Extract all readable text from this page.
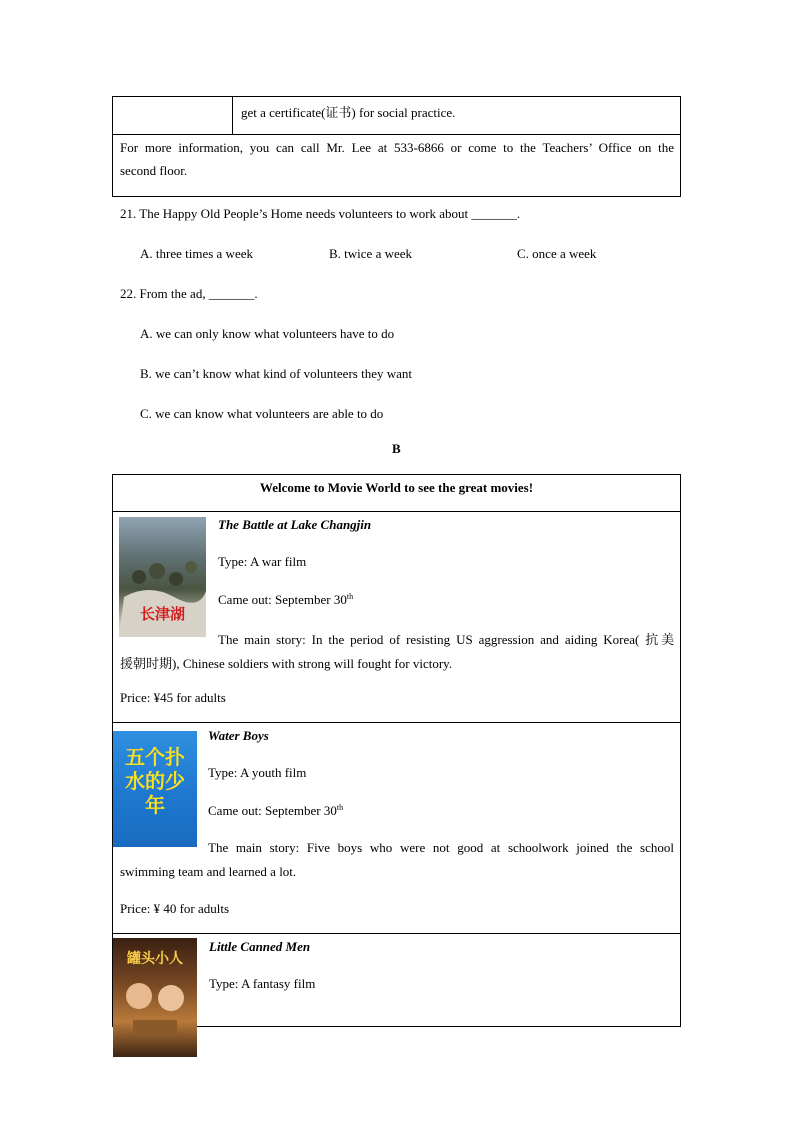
get a certificate(证书) for social practice.
For more information, you can call Mr. Lee at 533-6866 or come to the Teachers’ Office on the
second floor.
21. The Happy Old People’s Home needs volunteers to work about _______.
A. three times a week	B. twice a week	C. once a week
22. From the ad, _______.
A. we can only know what volunteers have to do
B. we can’t know what kind of volunteers they want
C. we can know what volunteers are able to do
B
Welcome to Movie World to see the great movies!
长津湖
The Battle at Lake Changjin
Type: A war film
Came out: September 30th
The main story: In the period of resisting US aggression and aiding Korea( 抗美
援朝时期), Chinese soldiers with strong will fought for victory.
Price: ¥45 for adults
五个扑水的少年
Water Boys
Type: A youth film
Came out: September 30th
The main story: Five boys who were not good at schoolwork joined the school
swimming team and learned a lot.
Price: ¥ 40 for adults
罐头小人
Little Canned Men
Type: A fantasy film
